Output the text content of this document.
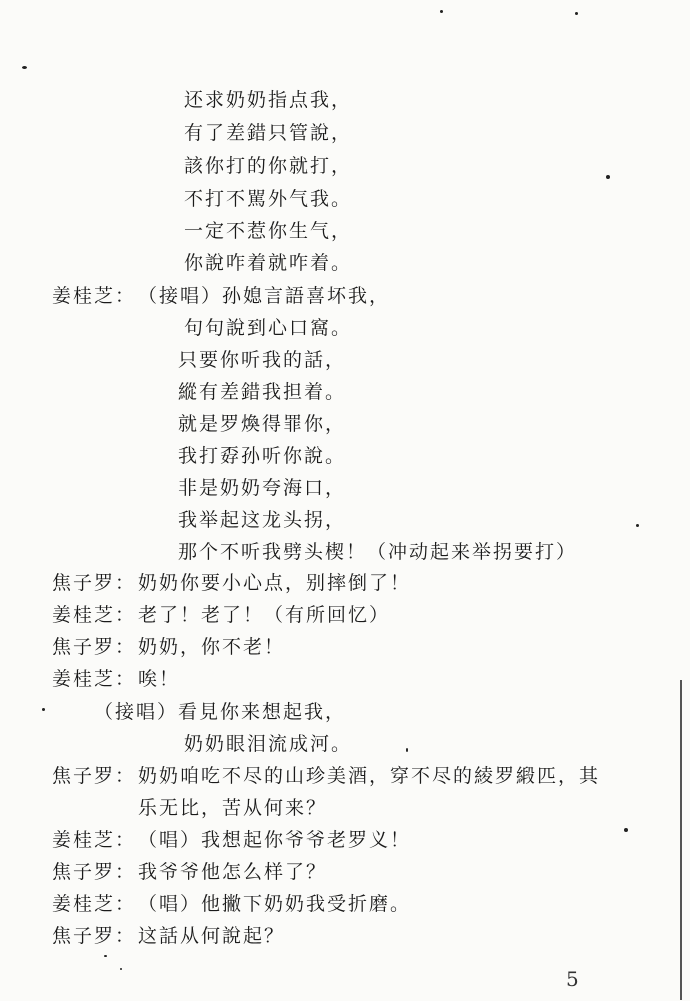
还求奶奶指点我，
有了差錯只管說，
該你打的你就打，
不打不駡外气我。
一定不惹你生气，
你說咋着就咋着。
姜桂芝： （接唱）孙媳言語喜坏我，
句句說到心口窩。
只要你听我的話，
縱有差錯我担着。
就是罗煥得罪你，
我打孬孙听你說。
非是奶奶夸海口，
我举起这龙头拐，
那个不听我劈头楔！（冲动起来举拐要打）
焦子罗： 奶奶你要小心点，别摔倒了！
姜桂芝： 老了！老了！（有所回忆）
焦子罗： 奶奶，你不老！
姜桂芝： 唉！
（接唱）看見你来想起我，
奶奶眼泪流成河。
焦子罗： 奶奶咱吃不尽的山珍美酒，穿不尽的綾罗緞匹，其
乐无比，苦从何来？
姜桂芝： （唱）我想起你爷爷老罗义！
焦子罗： 我爷爷他怎么样了？
姜桂芝： （唱）他撇下奶奶我受折磨。
焦子罗： 这話从何說起？
5
